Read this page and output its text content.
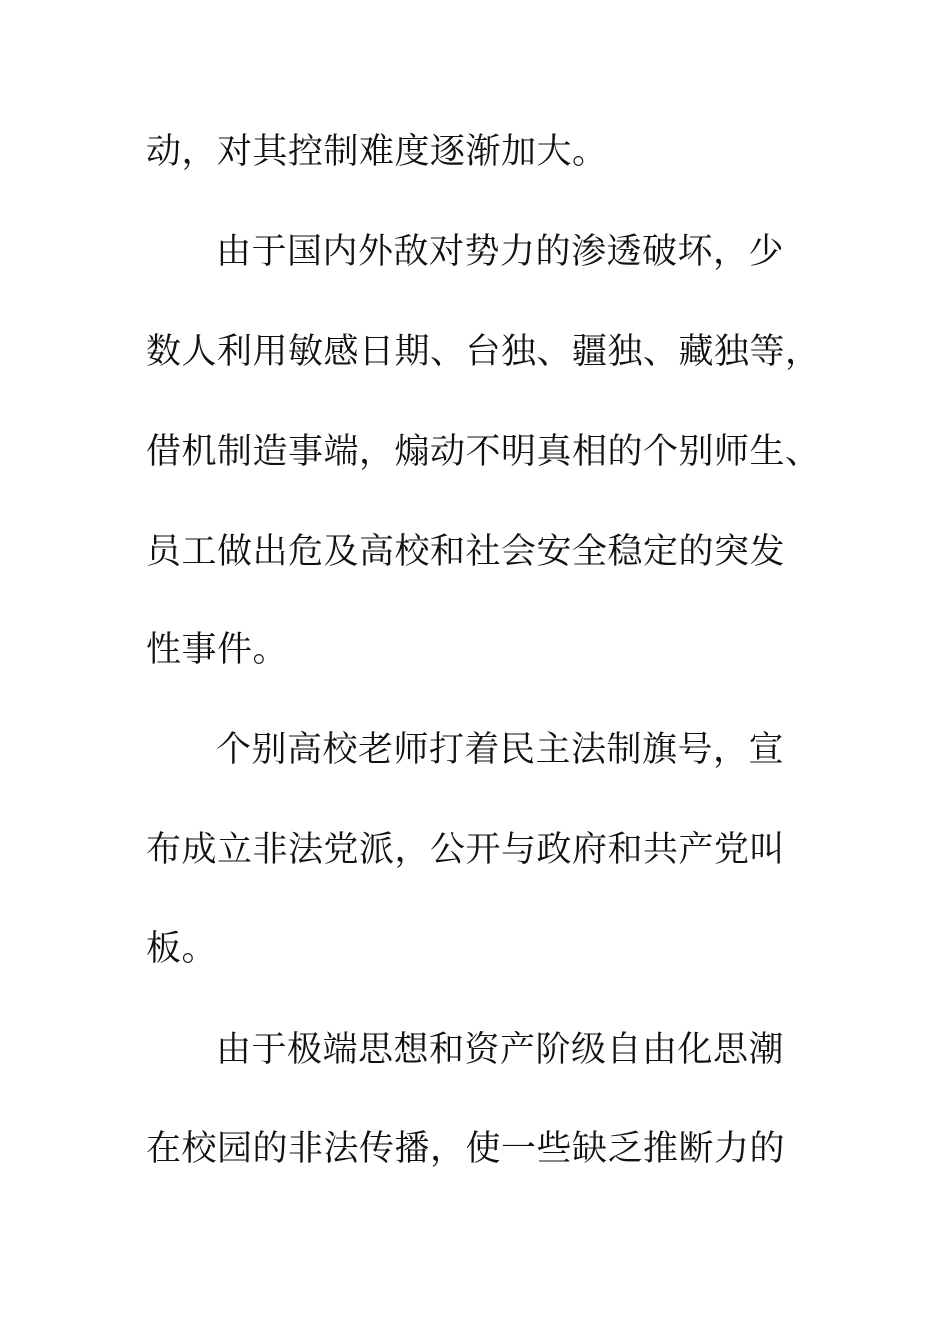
动，对其控制难度逐渐加大。
由于国内外敌对势力的渗透破坏，少
数人利用敏感日期、台独、疆独、藏独等，
借机制造事端，煽动不明真相的个别师生、
员工做出危及高校和社会安全稳定的突发
性事件。
个别高校老师打着民主法制旗号，宣
布成立非法党派，公开与政府和共产党叫
板。
由于极端思想和资产阶级自由化思潮
在校园的非法传播，使一些缺乏推断力的
